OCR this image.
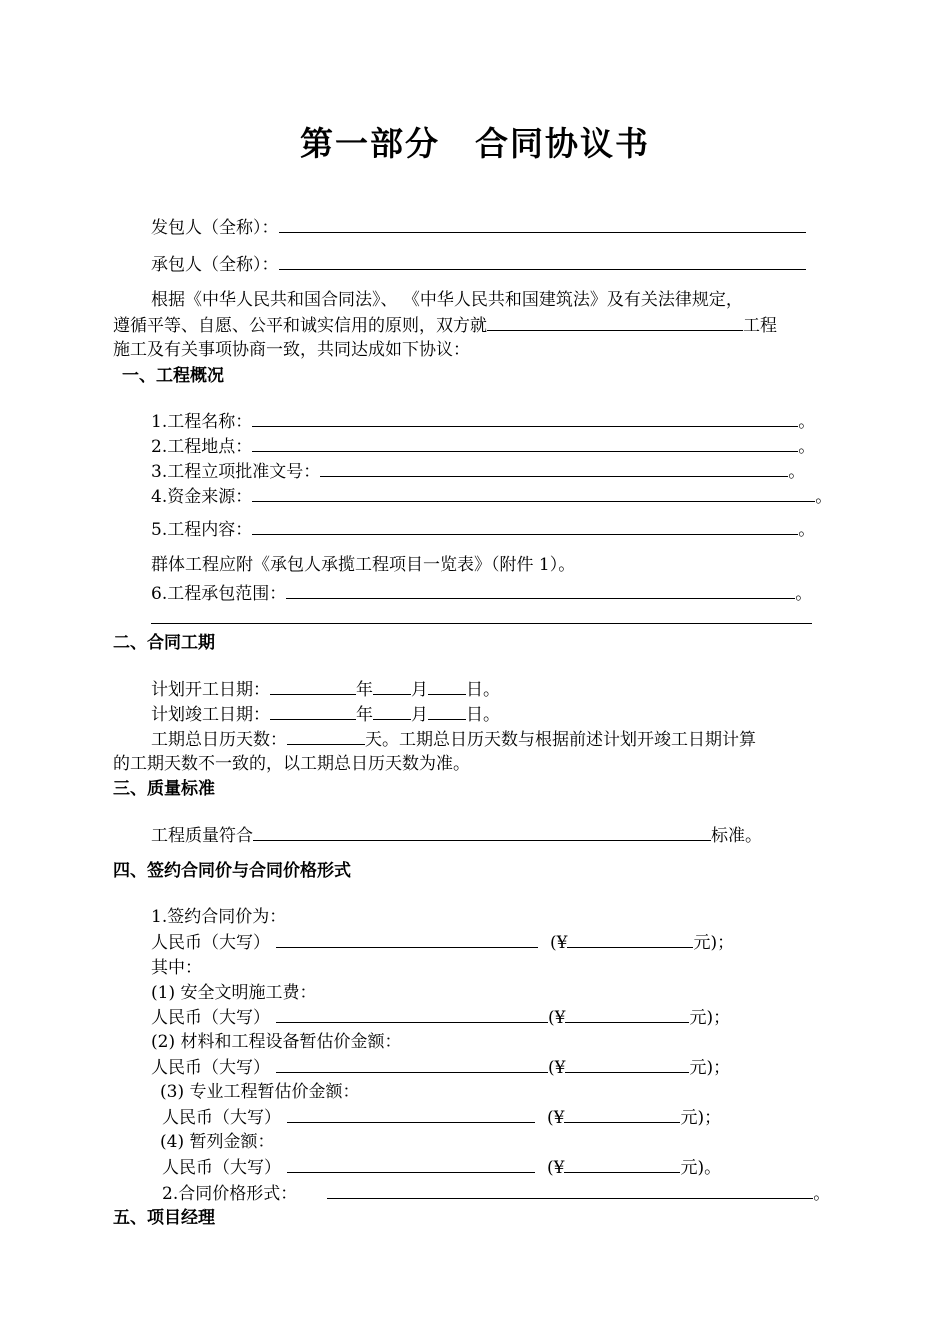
第一部分　合同协议书
发包人（全称）：
承包人（全称）：
根据《中华人民共和国合同法》、 《中华人民共和国建筑法》及有关法律规定，
遵循平等、自愿、公平和诚实信用的原则，双方就	工程
施工及有关事项协商一致，共同达成如下协议：
一、工程概况
1.工程名称：	。
2.工程地点：	。
3.工程立项批准文号：	。
4.资金来源：	。
5.工程内容：	。
群体工程应附《承包人承揽工程项目一览表》（附件 1）。
6.工程承包范围：	。
二、合同工期
计划开工日期：	年 月 日。
计划竣工日期：	年 月 日。
工期总日历天数：	天。工期总日历天数与根据前述计划开竣工日期计算
的工期天数不一致的，以工期总日历天数为准。
三、质量标准
工程质量符合	标准。
四、签约合同价与合同价格形式
1.签约合同价为：
人民币（大写）	(¥	元)；
其中：
(1) 安全文明施工费：
人民币（大写）	(¥	元)；
(2) 材料和工程设备暂估价金额：
人民币（大写）	(¥	元)；
(3) 专业工程暂估价金额：
人民币（大写）	(¥	元)；
(4) 暂列金额：
人民币（大写）	(¥	元)。
2.合同价格形式：	。
五、项目经理
